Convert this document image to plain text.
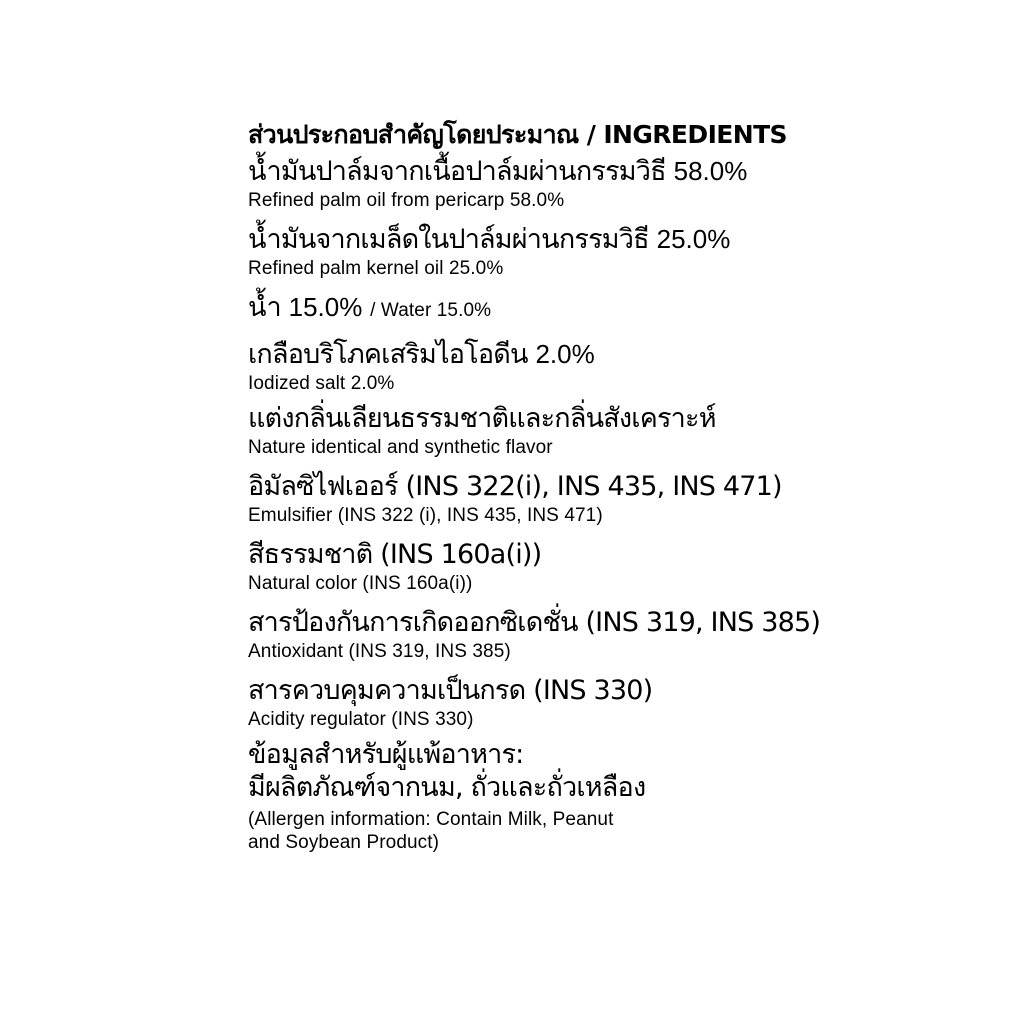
ส่วนประกอบสำคัญโดยประมาณ / INGREDIENTS
น้ำมันปาล์มจากเนื้อปาล์มผ่านกรรมวิธี 58.0%
Refined palm oil from pericarp 58.0%
น้ำมันจากเมล็ดในปาล์มผ่านกรรมวิธี 25.0%
Refined palm kernel oil 25.0%
น้ำ 15.0% / Water 15.0%
เกลือบริโภคเสริมไอโอดีน 2.0%
Iodized salt 2.0%
แต่งกลิ่นเลียนธรรมชาติและกลิ่นสังเคราะห์
Nature identical and synthetic flavor
อิมัลซิไฟเออร์ (INS 322(i), INS 435, INS 471)
Emulsifier (INS 322 (i), INS 435, INS 471)
สีธรรมชาติ (INS 160a(i))
Natural color (INS 160a(i))
สารป้องกันการเกิดออกซิเดชั่น (INS 319, INS 385)
Antioxidant (INS 319, INS 385)
สารควบคุมความเป็นกรด (INS 330)
Acidity regulator (INS 330)
ข้อมูลสำหรับผู้แพ้อาหาร:
มีผลิตภัณฑ์จากนม, ถั่วและถั่วเหลือง
(Allergen information: Contain Milk, Peanut
and Soybean Product)
